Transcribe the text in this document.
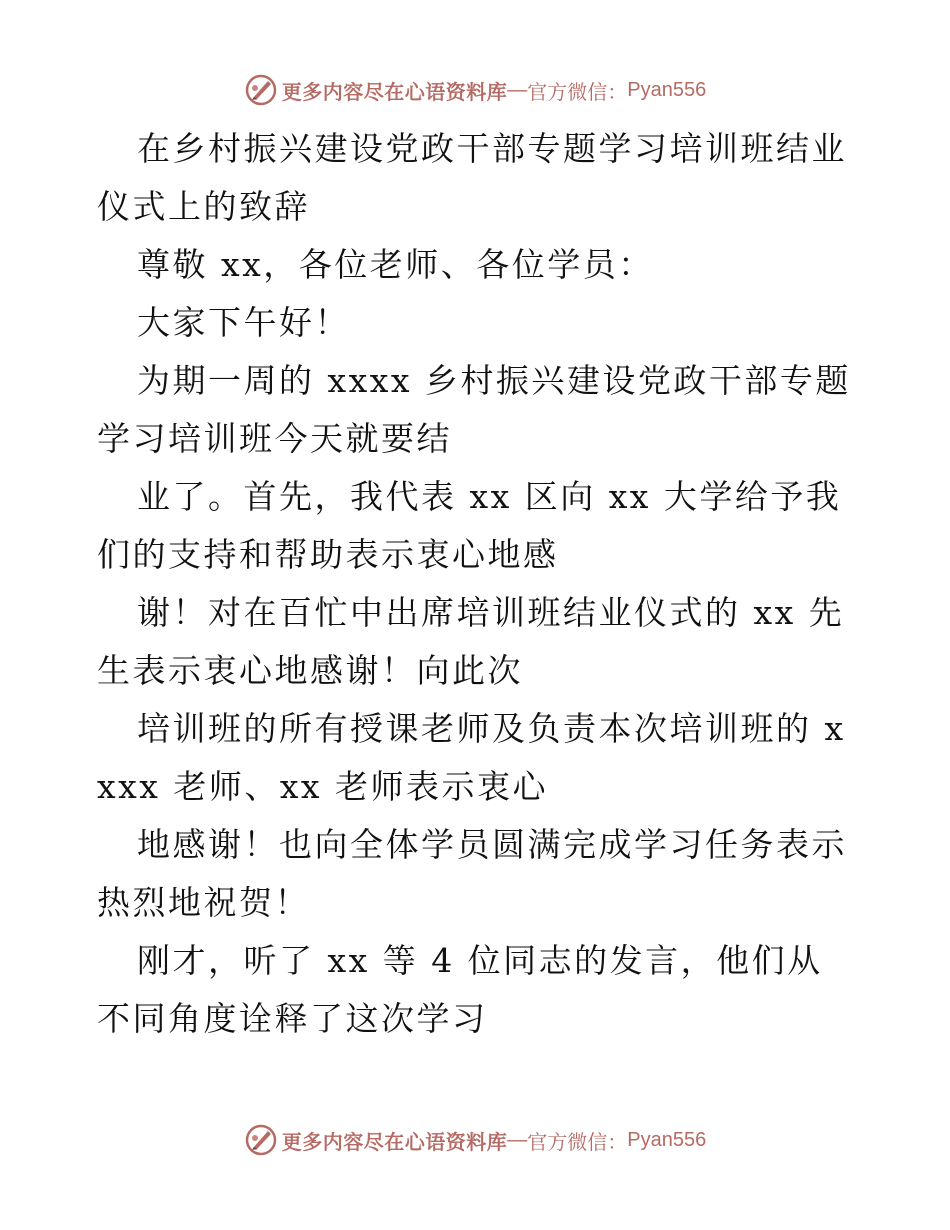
更多内容尽在心语资料库 — 官方微信： Pyan556

在乡村振兴建设党政干部专题学习培训班结业仪式上的致辞

尊敬 xx，各位老师、各位学员：

大家下午好！

为期一周的 xxxx 乡村振兴建设党政干部专题学习培训班今天就要结

业了。首先，我代表 xx 区向 xx 大学给予我们的支持和帮助表示衷心地感

谢！对在百忙中出席培训班结业仪式的 xx 先生表示衷心地感谢！向此次

培训班的所有授课老师及负责本次培训班的 xxxx 老师、xx 老师表示衷心

地感谢！也向全体学员圆满完成学习任务表示热烈地祝贺！

刚才，听了 xx 等 4 位同志的发言，他们从不同角度诠释了这次学习

更多内容尽在心语资料库 — 官方微信： Pyan556
